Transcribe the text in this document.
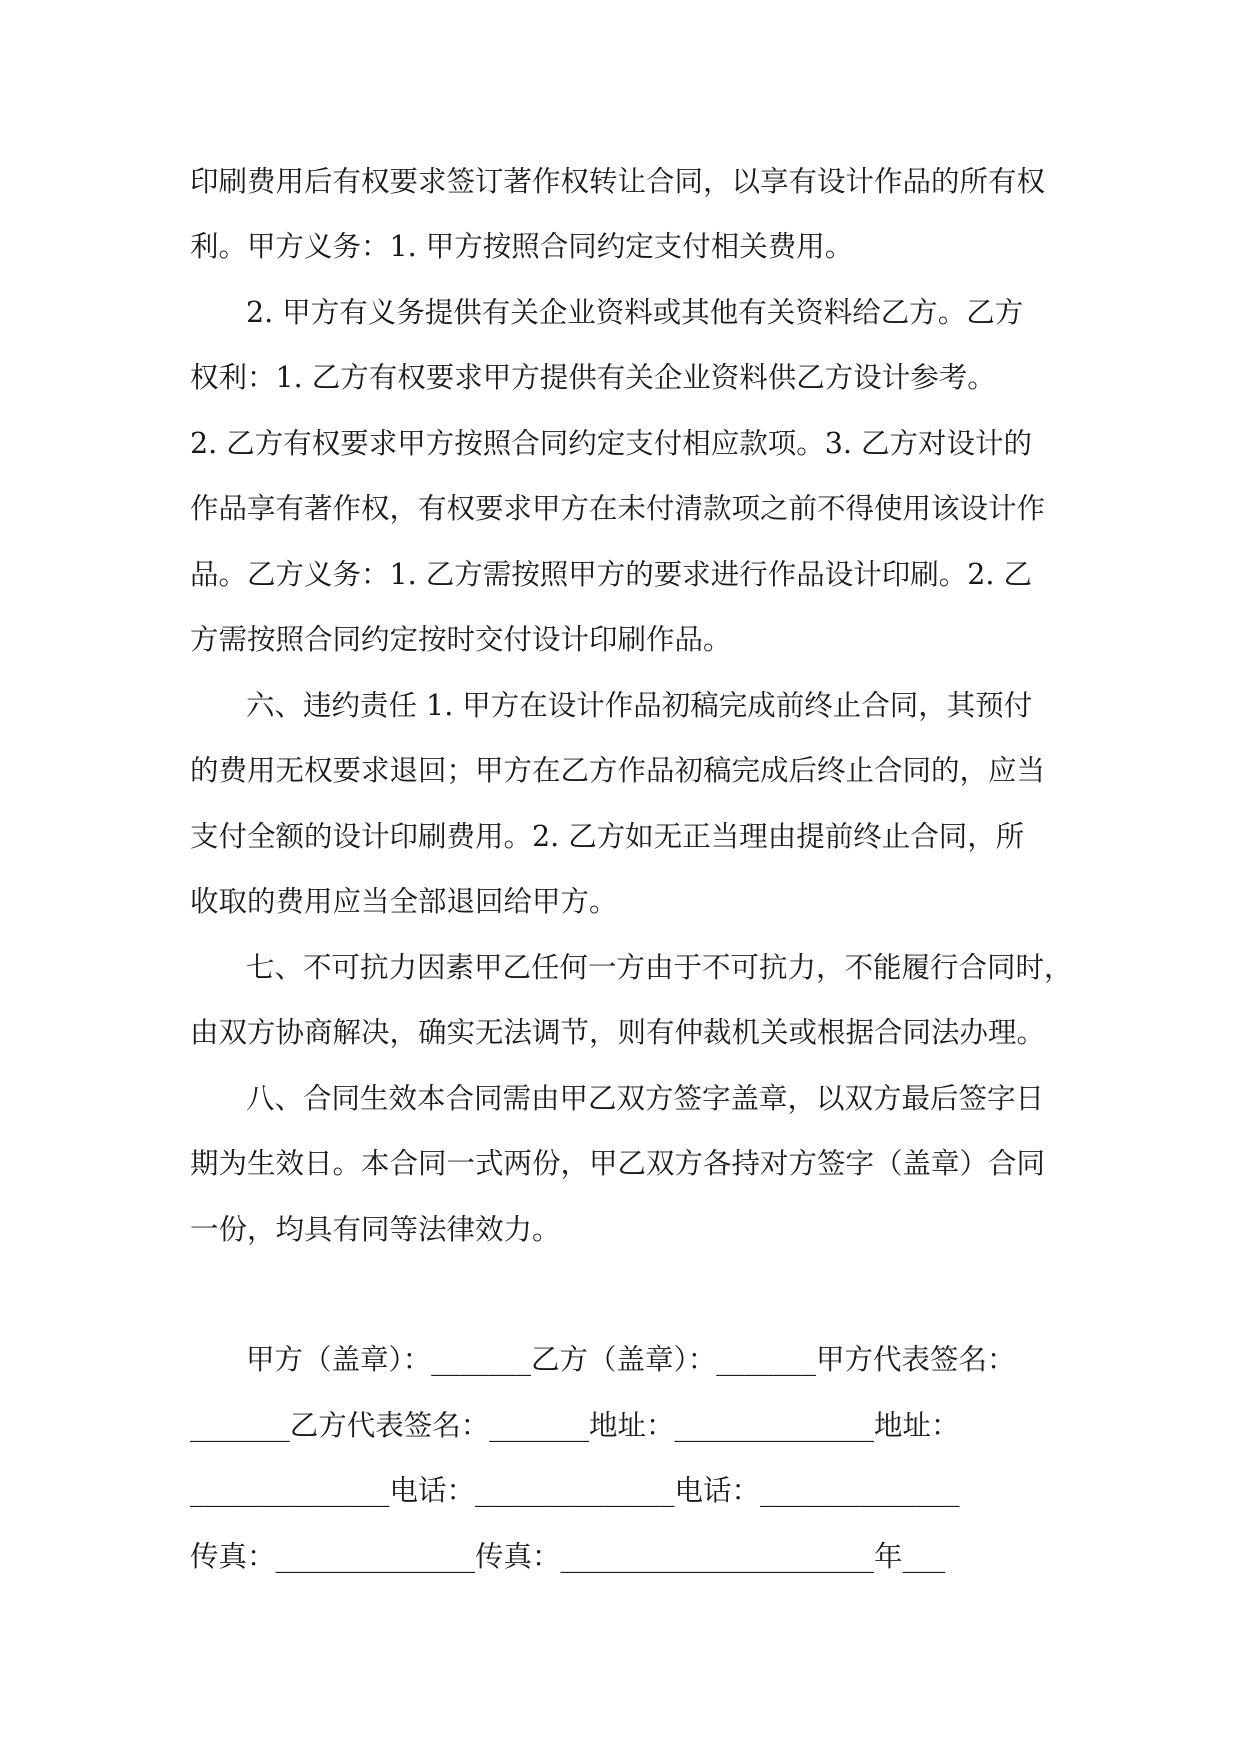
印刷费用后有权要求签订著作权转让合同，以享有设计作品的所有权
利。甲方义务：1. 甲方按照合同约定支付相关费用。
2. 甲方有义务提供有关企业资料或其他有关资料给乙方。乙方
权利：1. 乙方有权要求甲方提供有关企业资料供乙方设计参考。
2. 乙方有权要求甲方按照合同约定支付相应款项。3. 乙方对设计的
作品享有著作权，有权要求甲方在未付清款项之前不得使用该设计作
品。乙方义务：1. 乙方需按照甲方的要求进行作品设计印刷。2. 乙
方需按照合同约定按时交付设计印刷作品。
六、违约责任 1. 甲方在设计作品初稿完成前终止合同，其预付
的费用无权要求退回；甲方在乙方作品初稿完成后终止合同的，应当
支付全额的设计印刷费用。2. 乙方如无正当理由提前终止合同，所
收取的费用应当全部退回给甲方。
七、不可抗力因素甲乙任何一方由于不可抗力，不能履行合同时，
由双方协商解决，确实无法调节，则有仲裁机关或根据合同法办理。
八、合同生效本合同需由甲乙双方签字盖章，以双方最后签字日
期为生效日。本合同一式两份，甲乙双方各持对方签字（盖章）合同
一份，均具有同等法律效力。
甲方（盖章）：_______乙方（盖章）：_______甲方代表签名：
_______乙方代表签名：_______地址：______________地址：
______________电话：______________电话：______________
传真：______________传真：______________________年___
